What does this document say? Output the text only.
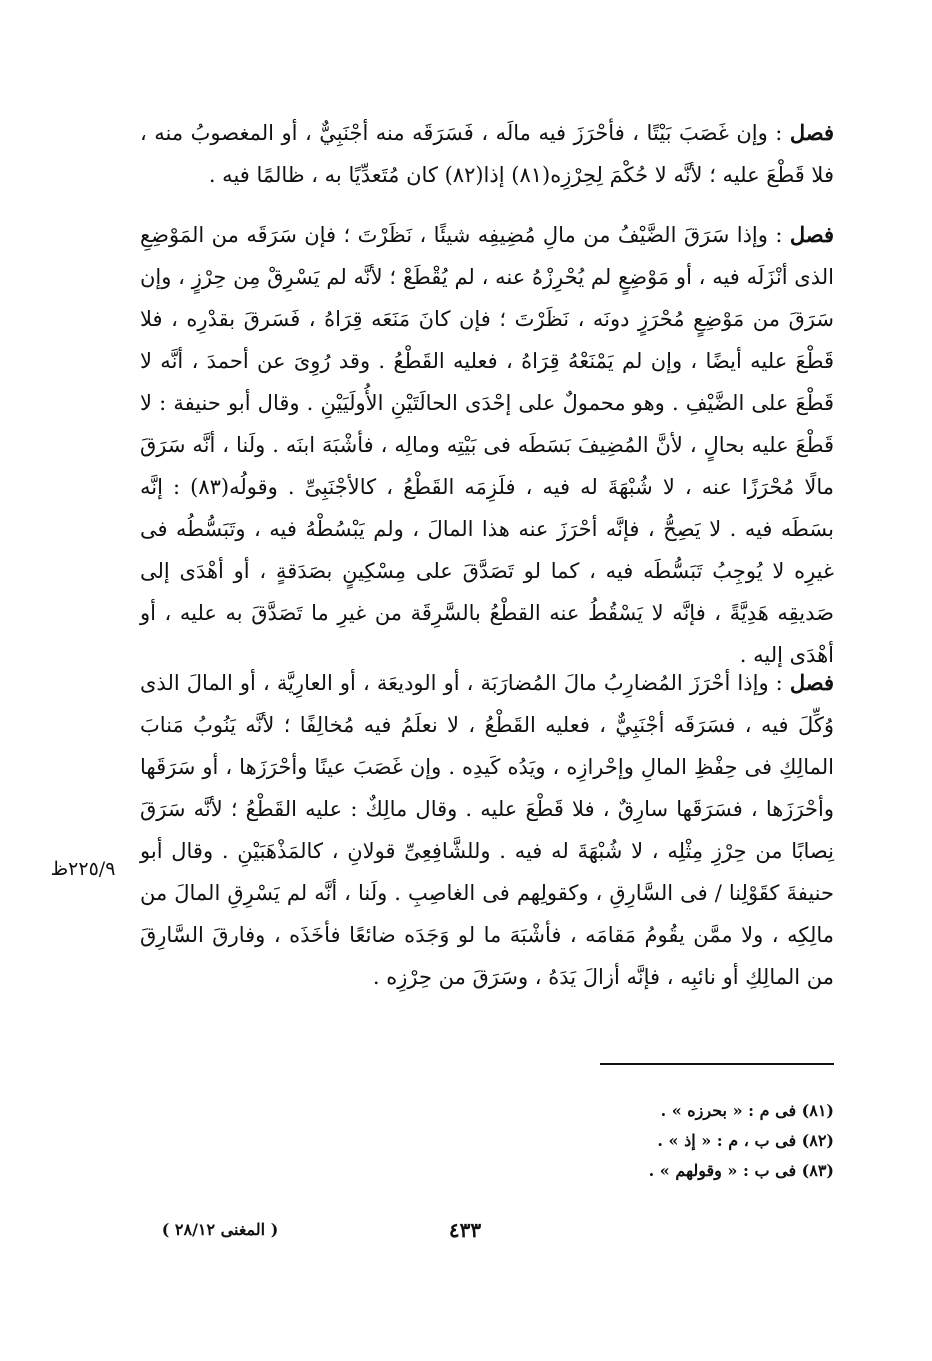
فصل : وإن غَصَبَ بَيْتًا ، فأحْرَزَ فيه مالَه ، فَسَرَقَه منه أجْنَبِيٌّ ، أو المغصوبُ منه ، فلا قَطْعَ عليه ؛ لأنَّه لا حُكْمَ لِحِرْزِه(٨١) إذا(٨٢) كان مُتَعدِّيًا به ، ظالمًا فيه .

فصل : وإذا سَرَقَ الضَّيْفُ من مالِ مُضِيفِه شيئًا ، نَظَرْتَ ؛ فإن سَرَقَه من المَوْضِعِ الذى أنْزَلَه فيه ، أو مَوْضِعٍ لم يُحْرِزْهُ عنه ، لم يُقْطَعْ ؛ لأنَّه لم يَسْرِقْ مِن حِرْزٍ ، وإن سَرَقَ من مَوْضِعٍ مُحْرَزٍ دونَه ، نَظَرْتَ ؛ فإن كانَ مَنَعَه قِرَاهُ ، فَسَرقَ بقدْرِه ، فلا قَطْعَ عليه أيضًا ، وإن لم يَمْنَعْهُ قِرَاهُ ، فعليه القَطْعُ . وقد رُوِىَ عن أحمدَ ، أنَّه لا قَطْعَ على الضَّيْفِ . وهو محمولٌ على إحْدَى الحالَتَيْنِ الأُولَيَيْنِ . وقال أبو حنيفة : لا قَطْعَ عليه بحالٍ ، لأنَّ المُضِيفَ بَسَطَه فى بَيْتِه ومالِه ، فأشْبَهَ ابنَه . ولَنا ، أنَّه سَرَقَ مالًا مُحْرَزًا عنه ، لا شُبْهَةَ له فيه ، فلَزِمَه القَطْعُ ، كالأجْنَبِىِّ . وقولُه(٨٣) : إنَّه بسَطَه فيه . لا يَصِحُّ ، فإنَّه أحْرَزَ عنه هذا المالَ ، ولم يَبْسُطْهُ فيه ، وتَبَسُّطُه فى غيرِه لا يُوجِبُ تَبَسُّطَه فيه ، كما لو تَصَدَّقَ على مِسْكِينٍ بصَدَقةٍ ، أو أهْدَى إلى صَديقِه هَدِيَّةً ، فإنَّه لا يَسْقُطُ عنه القطْعُ بالسَّرِقَة من غيرِ ما تَصَدَّقَ به عليه ، أو أهْدَى إليه .

فصل : وإذا أحْرَزَ المُضارِبُ مالَ المُضارَبَة ، أو الوديعَة ، أو العارِيَّة ، أو المالَ الذى وُكِّلَ فيه ، فسَرَقَه أجْنَبِيٌّ ، فعليه القَطْعُ ، لا نعلَمُ فيه مُخالِفًا ؛ لأنَّه يَنُوبُ مَنابَ المالِكِ فى حِفْظِ المالِ وإحْرازِه ، ويَدُه كَيدِه . وإن غَصَبَ عينًا وأحْرَزَها ، أو سَرَقَها وأحْرَزَها ، فسَرَقَها سارِقٌ ، فلا قَطْعَ عليه . وقال مالِكٌ : عليه القَطْعُ ؛ لأنَّه سَرَقَ نِصابًا من حِرْزِ مِثْلِه ، لا شُبْهَةَ له فيه . وللشَّافِعِىِّ قولانِ ، كالمَذْهَبَيْنِ . وقال أبو حنيفةَ كقَوْلِنا / فى السَّارِقِ ، وكقولِهم فى الغاصِبِ . ولَنا ، أنَّه لم يَسْرِقِ المالَ من مالِكِه ، ولا ممَّن يقُومُ مَقامَه ، فأشْبَهَ ما لو وَجَدَه ضائعًا فأخَذَه ، وفارقَ السَّارِقَ من المالِكِ أو نائبِه ، فإنَّه أزالَ يَدَهُ ، وسَرَقَ من حِرْزِه .

٢٢٥/٩ظ

(٨١) فى م : « بحرزه » .

(٨٢) فى ب ، م : « إذ » .

(٨٣) فى ب : « وقولهم » .

٤٣٣
( المغنى ٢٨/١٢ )
